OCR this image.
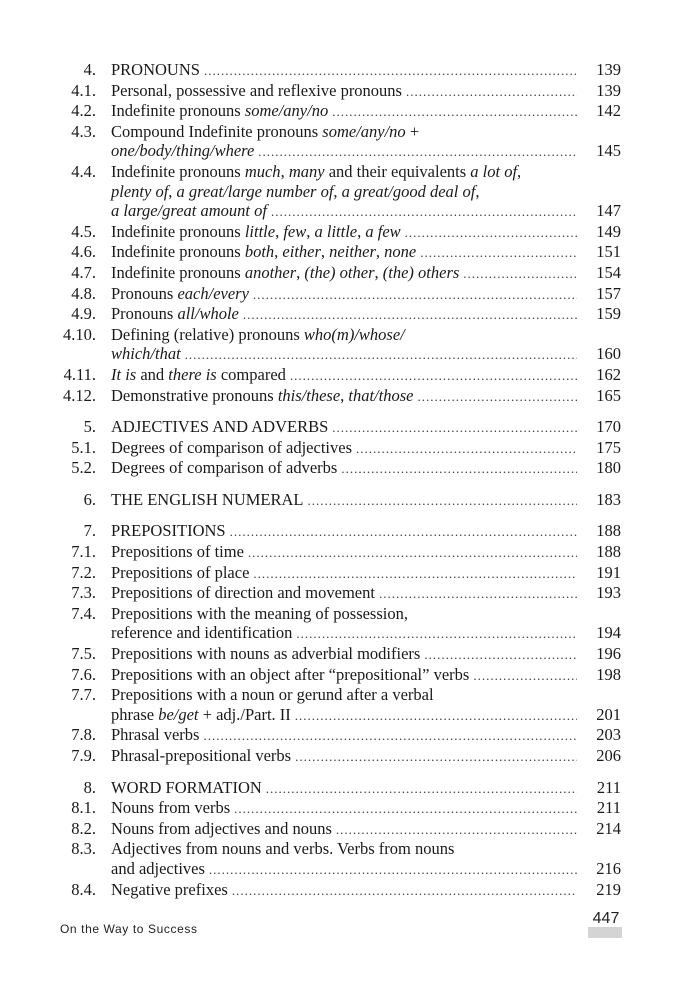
4. PRONOUNS .....	139
4.1. Personal, possessive and reflexive pronouns .....	139
4.2. Indefinite pronouns some/any/no .....	142
4.3. Compound Indefinite pronouns some/any/no +
one/body/thing/where .....	145
4.4. Indefinite pronouns much, many and their equivalents a lot of,
plenty of, a great/large number of, a great/good deal of,
a large/great amount of .....	147
4.5. Indefinite pronouns little, few, a little, a few .....	149
4.6. Indefinite pronouns both, either, neither, none .....	151
4.7. Indefinite pronouns another, (the) other, (the) others .....	154
4.8. Pronouns each/every .....	157
4.9. Pronouns all/whole .....	159
4.10. Defining (relative) pronouns who(m)/whose/
which/that .....	160
4.11. It is and there is compared .....	162
4.12. Demonstrative pronouns this/these, that/those .....	165
5. ADJECTIVES AND ADVERBS .....	170
5.1. Degrees of comparison of adjectives .....	175
5.2. Degrees of comparison of adverbs .....	180
6. THE ENGLISH NUMERAL .....	183
7. PREPOSITIONS .....	188
7.1. Prepositions of time .....	188
7.2. Prepositions of place .....	191
7.3. Prepositions of direction and movement .....	193
7.4. Prepositions with the meaning of possession,
reference and identification .....	194
7.5. Prepositions with nouns as adverbial modifiers .....	196
7.6. Prepositions with an object after “prepositional” verbs .....	198
7.7. Prepositions with a noun or gerund after a verbal
phrase be/get + adj./Part. II .....	201
7.8. Phrasal verbs .....	203
7.9. Phrasal-prepositional verbs .....	206
8. WORD FORMATION .....	211
8.1. Nouns from verbs .....	211
8.2. Nouns from adjectives and nouns .....	214
8.3. Adjectives from nouns and verbs. Verbs from nouns
and adjectives .....	216
8.4. Negative prefixes .....	219
On the Way to Success
447
